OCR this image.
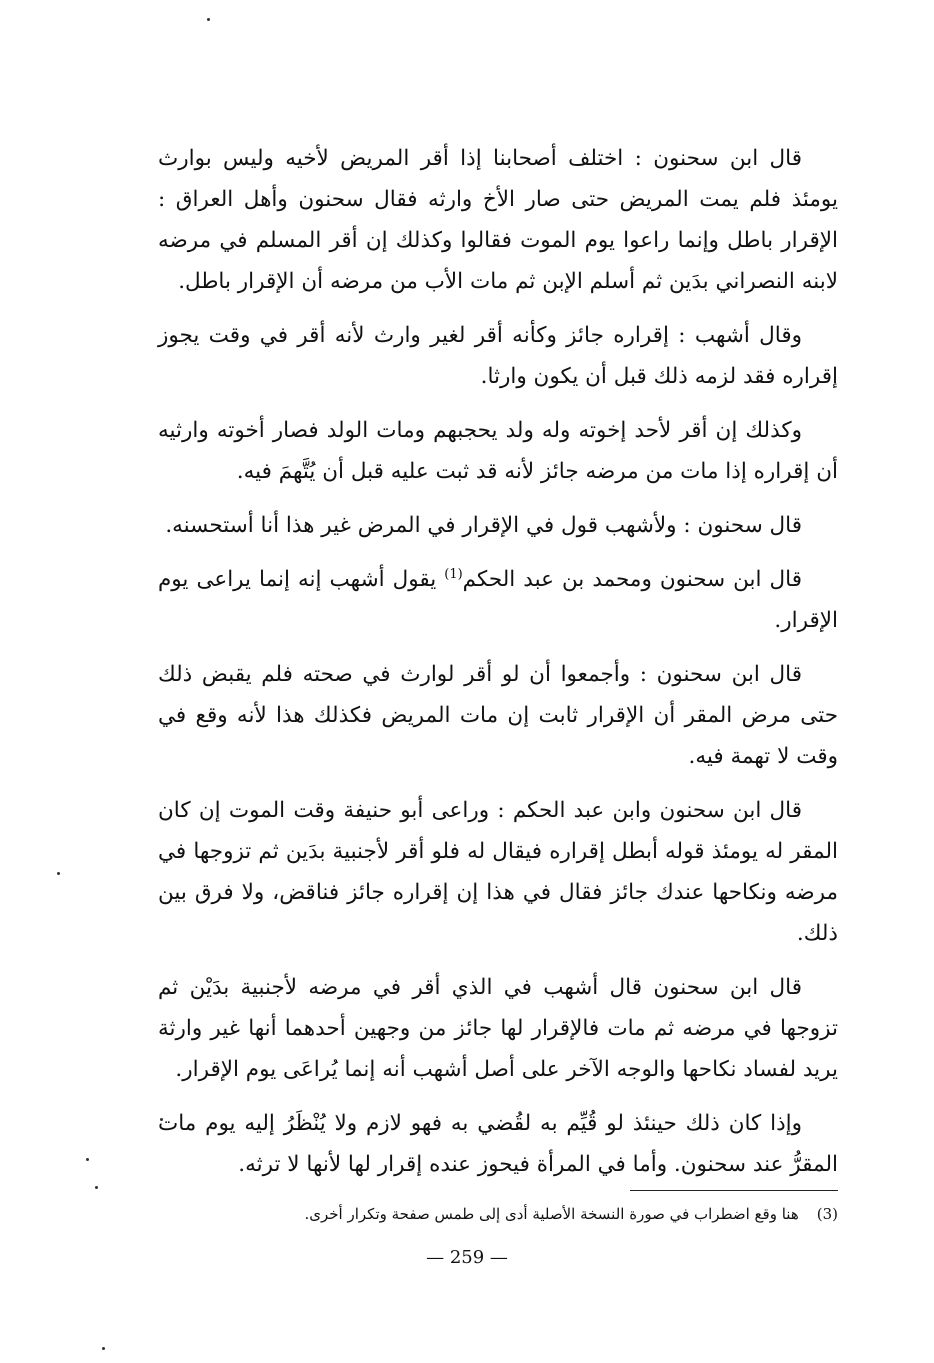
قال ابن سحنون : اختلف أصحابنا إذا أقر المريض لأخيه وليس بوارث يومئذ فلم يمت المريض حتى صار الأخ وارثه فقال سحنون وأهل العراق : الإقرار باطل وإنما راعوا يوم الموت فقالوا وكذلك إن أقر المسلم في مرضه لابنه النصراني بدَين ثم أسلم الإبن ثم مات الأب من مرضه أن الإقرار باطل.

وقال أشهب : إقراره جائز وكأنه أقر لغير وارث لأنه أقر في وقت يجوز إقراره فقد لزمه ذلك قبل أن يكون وارثا.

وكذلك إن أقر لأحد إخوته وله ولد يحجبهم ومات الولد فصار أخوته وارثيه أن إقراره إذا مات من مرضه جائز لأنه قد ثبت عليه قبل أن يُتَّهمَ فيه.

قال سحنون : ولأشهب قول في الإقرار في المرض غير هذا أنا أستحسنه.

قال ابن سحنون ومحمد بن عبد الحكم$^{(1)}$ يقول أشهب إنه إنما يراعى يوم الإقرار.

قال ابن سحنون : وأجمعوا أن لو أقر لوارث في صحته فلم يقبض ذلك حتى مرض المقر أن الإقرار ثابت إن مات المريض فكذلك هذا لأنه وقع في وقت لا تهمة فيه.

قال ابن سحنون وابن عبد الحكم : وراعى أبو حنيفة وقت الموت إن كان المقر له يومئذ قوله أبطل إقراره فيقال له فلو أقر لأجنبية بدَين ثم تزوجها في مرضه ونكاحها عندك جائز فقال في هذا إن إقراره جائز فناقض، ولا فرق بين ذلك.

قال ابن سحنون قال أشهب في الذي أقر في مرضه لأجنبية بدَيْن ثم تزوجها في مرضه ثم مات فالإقرار لها جائز من وجهين أحدهما أنها غير وارثة يريد لفساد نكاحها والوجه الآخر على أصل أشهب أنه إنما يُراعَى يوم الإقرار.

وإذا كان ذلك حينئذ لو قُيِّم به لقُضي به فهو لازم ولا يُنْظَرُ إليه يوم مات المقرُّ عند سحنون. وأما في المرأة فيحوز عنده إقرار لها لأنها لا ترثه.

(3)هنا وقع اضطراب في صورة النسخة الأصلية أدى إلى طمس صفحة وتكرار أخرى.
— 259 —
